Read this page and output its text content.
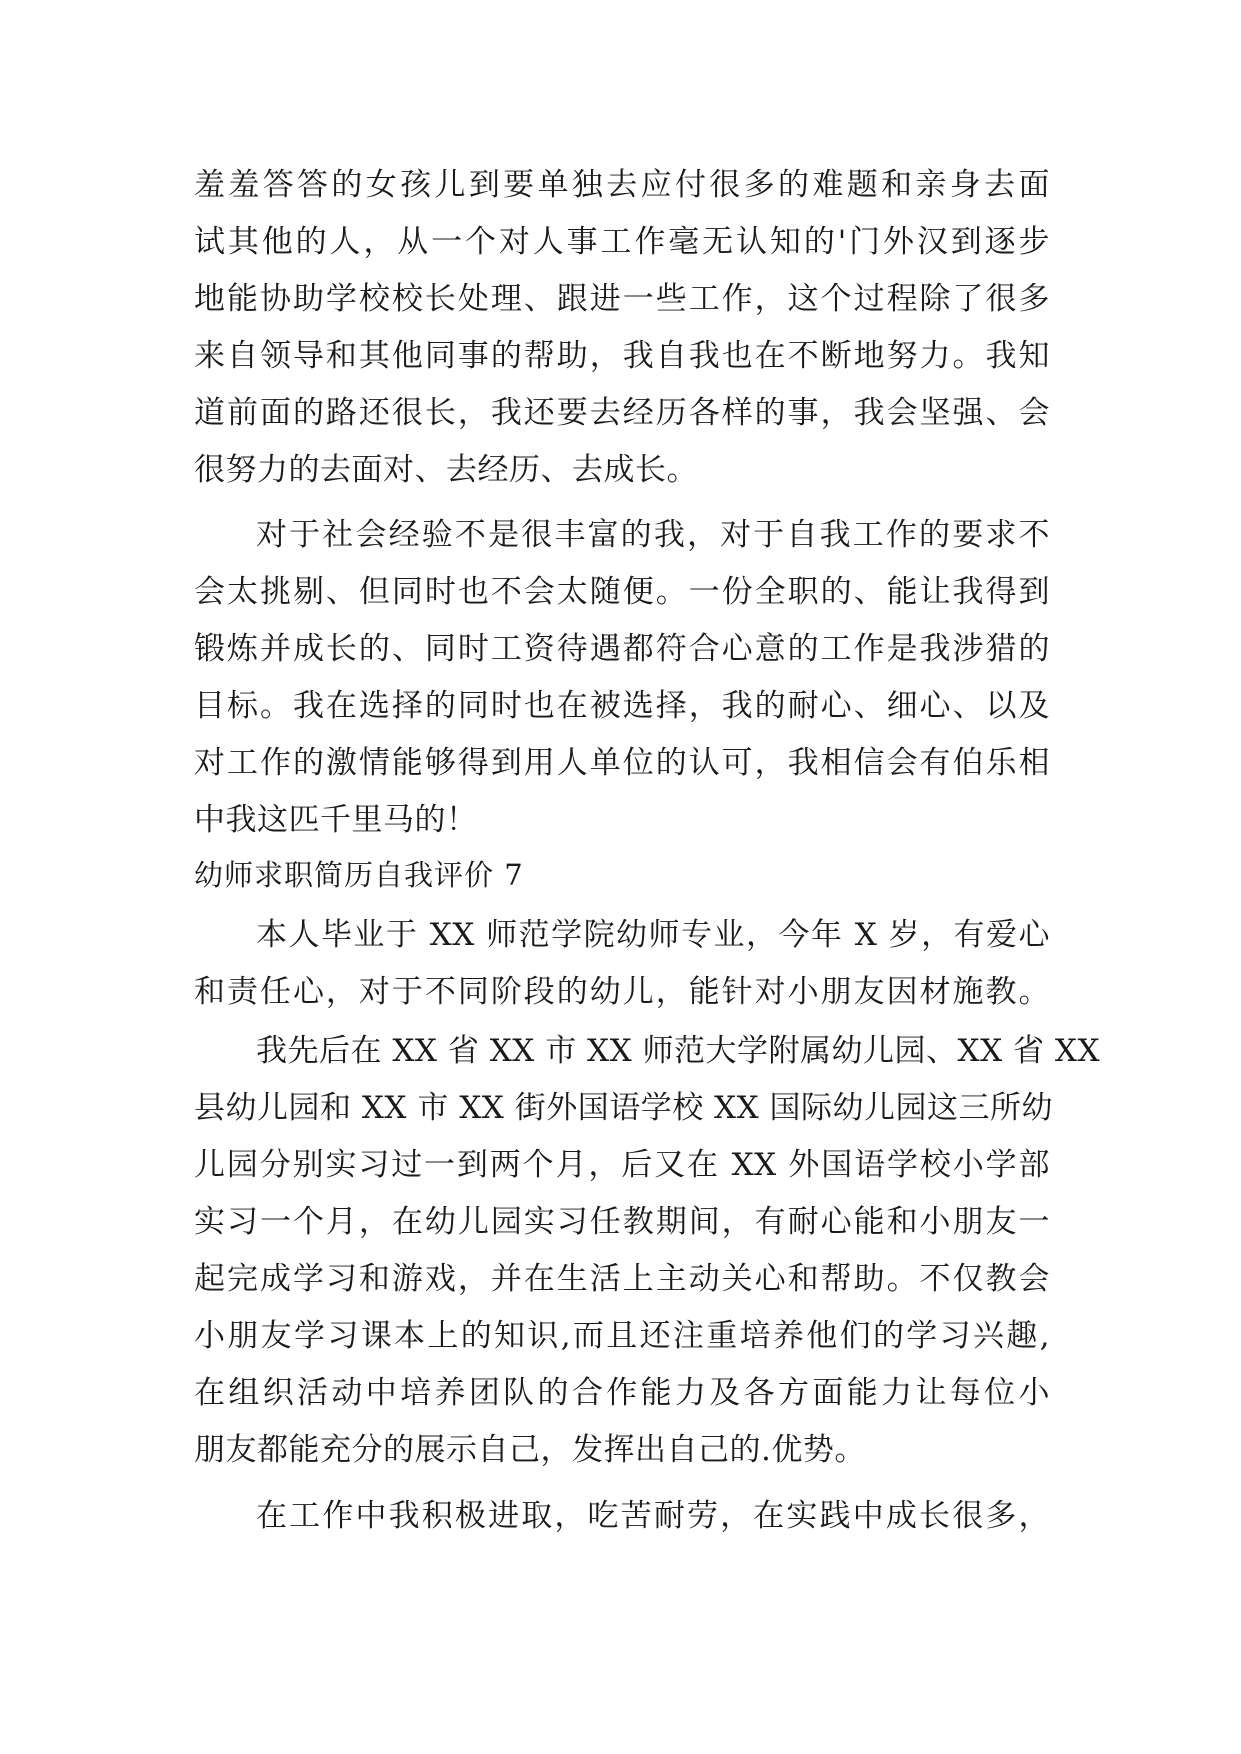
羞羞答答的女孩儿到要单独去应付很多的难题和亲身去面
试其他的人，从一个对人事工作毫无认知的'门外汉到逐步
地能协助学校校长处理、跟进一些工作，这个过程除了很多
来自领导和其他同事的帮助，我自我也在不断地努力。我知
道前面的路还很长，我还要去经历各样的事，我会坚强、会
很努力的去面对、去经历、去成长。
对于社会经验不是很丰富的我，对于自我工作的要求不
会太挑剔、但同时也不会太随便。一份全职的、能让我得到
锻炼并成长的、同时工资待遇都符合心意的工作是我涉猎的
目标。我在选择的同时也在被选择，我的耐心、细心、以及
对工作的激情能够得到用人单位的认可，我相信会有伯乐相
中我这匹千里马的！
幼师求职简历自我评价 7
本人毕业于 XX 师范学院幼师专业，今年 X 岁，有爱心
和责任心，对于不同阶段的幼儿，能针对小朋友因材施教。
我先后在 XX 省 XX 市 XX 师范大学附属幼儿园、XX 省 XX
县幼儿园和 XX 市 XX 街外国语学校 XX 国际幼儿园这三所幼
儿园分别实习过一到两个月，后又在 XX 外国语学校小学部
实习一个月，在幼儿园实习任教期间，有耐心能和小朋友一
起完成学习和游戏，并在生活上主动关心和帮助。不仅教会
小朋友学习课本上的知识,而且还注重培养他们的学习兴趣,
在组织活动中培养团队的合作能力及各方面能力让每位小
朋友都能充分的展示自己，发挥出自己的.优势。
在工作中我积极进取，吃苦耐劳，在实践中成长很多，
